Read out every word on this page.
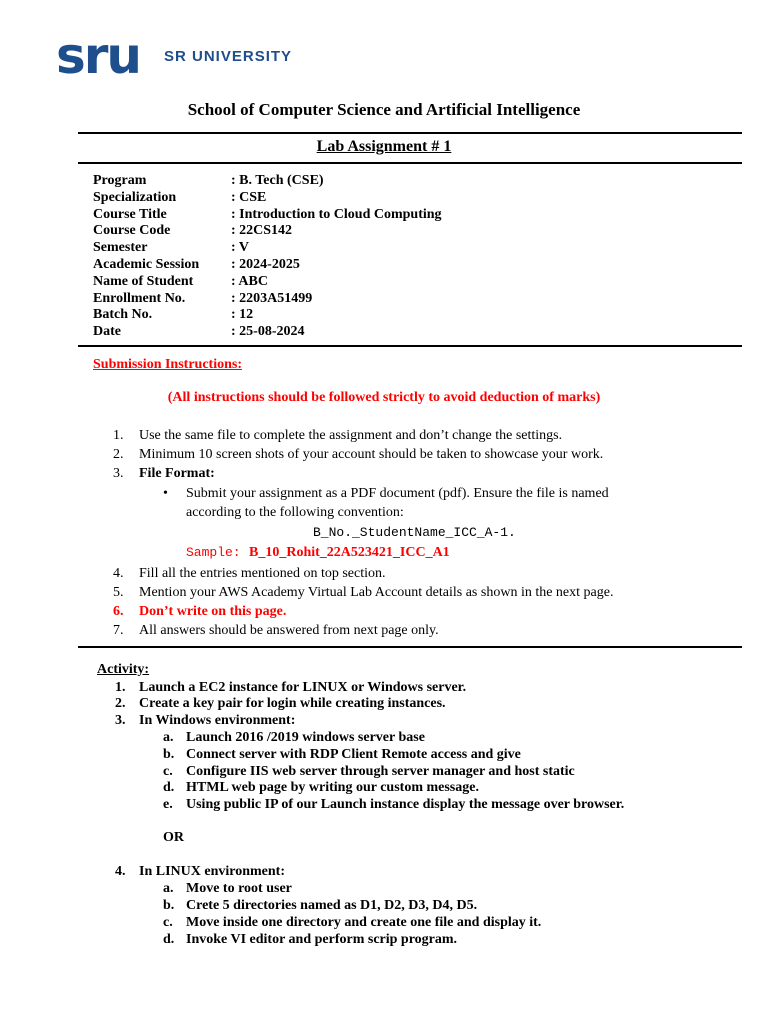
sru SR UNIVERSITY
School of Computer Science and Artificial Intelligence
Lab Assignment # 1
Program	: B. Tech (CSE)
Specialization	: CSE
Course Title	: Introduction to Cloud Computing
Course Code	: 22CS142
Semester	: V
Academic Session	: 2024-2025
Name of Student	: ABC
Enrollment No.	: 2203A51499
Batch No.	: 12
Date	: 25-08-2024
Submission Instructions:
(All instructions should be followed strictly to avoid deduction of marks)
1. Use the same file to complete the assignment and don’t change the settings.
2. Minimum 10 screen shots of your account should be taken to showcase your work.
3. File Format:
• Submit your assignment as a PDF document (pdf). Ensure the file is named
according to the following convention:
B_No._StudentName_ICC_A-1.
Sample: B_10_Rohit_22A523421_ICC_A1
4. Fill all the entries mentioned on top section.
5. Mention your AWS Academy Virtual Lab Account details as shown in the next page.
6. Don’t write on this page.
7. All answers should be answered from next page only.
Activity:
1. Launch a EC2 instance for LINUX or Windows server.
2. Create a key pair for login while creating instances.
3. In Windows environment:
a. Launch 2016 /2019 windows server base
b. Connect server with RDP Client Remote access and give
c. Configure IIS web server through server manager and host static
d. HTML web page by writing our custom message.
e. Using public IP of our Launch instance display the message over browser.
OR
4. In LINUX environment:
a. Move to root user
b. Crete 5 directories named as D1, D2, D3, D4, D5.
c. Move inside one directory and create one file and display it.
d. Invoke VI editor and perform scrip program.
